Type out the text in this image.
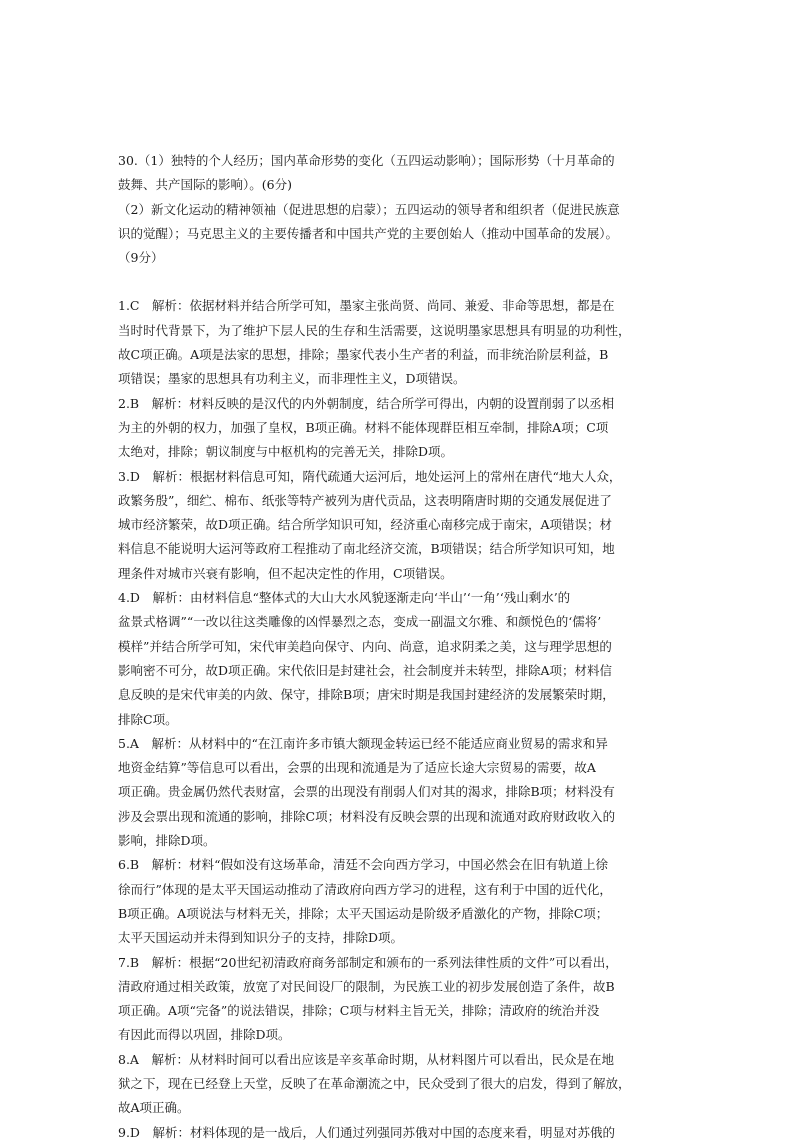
30.（1）独特的个人经历；国内革命形势的变化（五四运动影响）；国际形势（十月革命的
鼓舞、共产国际的影响）。(6分)
（2）新文化运动的精神领袖（促进思想的启蒙）；五四运动的领导者和组织者（促进民族意
识的觉醒）；马克思主义的主要传播者和中国共产党的主要创始人（推动中国革命的发展）。
（9分）
1.C　解析：依据材料并结合所学可知，墨家主张尚贤、尚同、兼爱、非命等思想，都是在
当时时代背景下，为了维护下层人民的生存和生活需要，这说明墨家思想具有明显的功利性，
故C项正确。A项是法家的思想，排除；墨家代表小生产者的利益，而非统治阶层利益，B
项错误；墨家的思想具有功利主义，而非理性主义，D项错误。
2.B　解析：材料反映的是汉代的内外朝制度，结合所学可得出，内朝的设置削弱了以丞相
为主的外朝的权力，加强了皇权，B项正确。材料不能体现群臣相互牵制，排除A项；C项
太绝对，排除；朝议制度与中枢机构的完善无关，排除D项。
3.D　解析：根据材料信息可知，隋代疏通大运河后，地处运河上的常州在唐代“地大人众，
政繁务殷”，细纻、棉布、纸张等特产被列为唐代贡品，这表明隋唐时期的交通发展促进了
城市经济繁荣，故D项正确。结合所学知识可知，经济重心南移完成于南宋，A项错误；材
料信息不能说明大运河等政府工程推动了南北经济交流，B项错误；结合所学知识可知，地
理条件对城市兴衰有影响，但不起决定性的作用，C项错误。
4.D　解析：由材料信息“整体式的大山大水风貌逐渐走向‘半山’‘一角’‘残山剩水’的
盆景式格调”“一改以往这类雕像的凶悍暴烈之态，变成一副温文尔雅、和颜悦色的‘儒将’
模样”并结合所学可知，宋代审美趋向保守、内向、尚意，追求阴柔之美，这与理学思想的
影响密不可分，故D项正确。宋代依旧是封建社会，社会制度并未转型，排除A项；材料信
息反映的是宋代审美的内敛、保守，排除B项；唐宋时期是我国封建经济的发展繁荣时期，
排除C项。
5.A　解析：从材料中的“在江南许多市镇大额现金转运已经不能适应商业贸易的需求和异
地资金结算”等信息可以看出，会票的出现和流通是为了适应长途大宗贸易的需要，故A
项正确。贵金属仍然代表财富，会票的出现没有削弱人们对其的渴求，排除B项；材料没有
涉及会票出现和流通的影响，排除C项；材料没有反映会票的出现和流通对政府财政收入的
影响，排除D项。
6.B　解析：材料“假如没有这场革命，清廷不会向西方学习，中国必然会在旧有轨道上徐
徐而行”体现的是太平天国运动推动了清政府向西方学习的进程，这有利于中国的近代化，
B项正确。A项说法与材料无关，排除；太平天国运动是阶级矛盾激化的产物，排除C项；
太平天国运动并未得到知识分子的支持，排除D项。
7.B　解析：根据“20世纪初清政府商务部制定和颁布的一系列法律性质的文件”可以看出，
清政府通过相关政策，放宽了对民间设厂的限制，为民族工业的初步发展创造了条件，故B
项正确。A项“完备”的说法错误，排除；C项与材料主旨无关，排除；清政府的统治并没
有因此而得以巩固，排除D项。
8.A　解析：从材料时间可以看出应该是辛亥革命时期，从材料图片可以看出，民众是在地
狱之下，现在已经登上天堂，反映了在革命潮流之中，民众受到了很大的启发，得到了解放，
故A项正确。
9.D　解析：材料体现的是一战后，人们通过列强同苏俄对中国的态度来看，明显对苏俄的
